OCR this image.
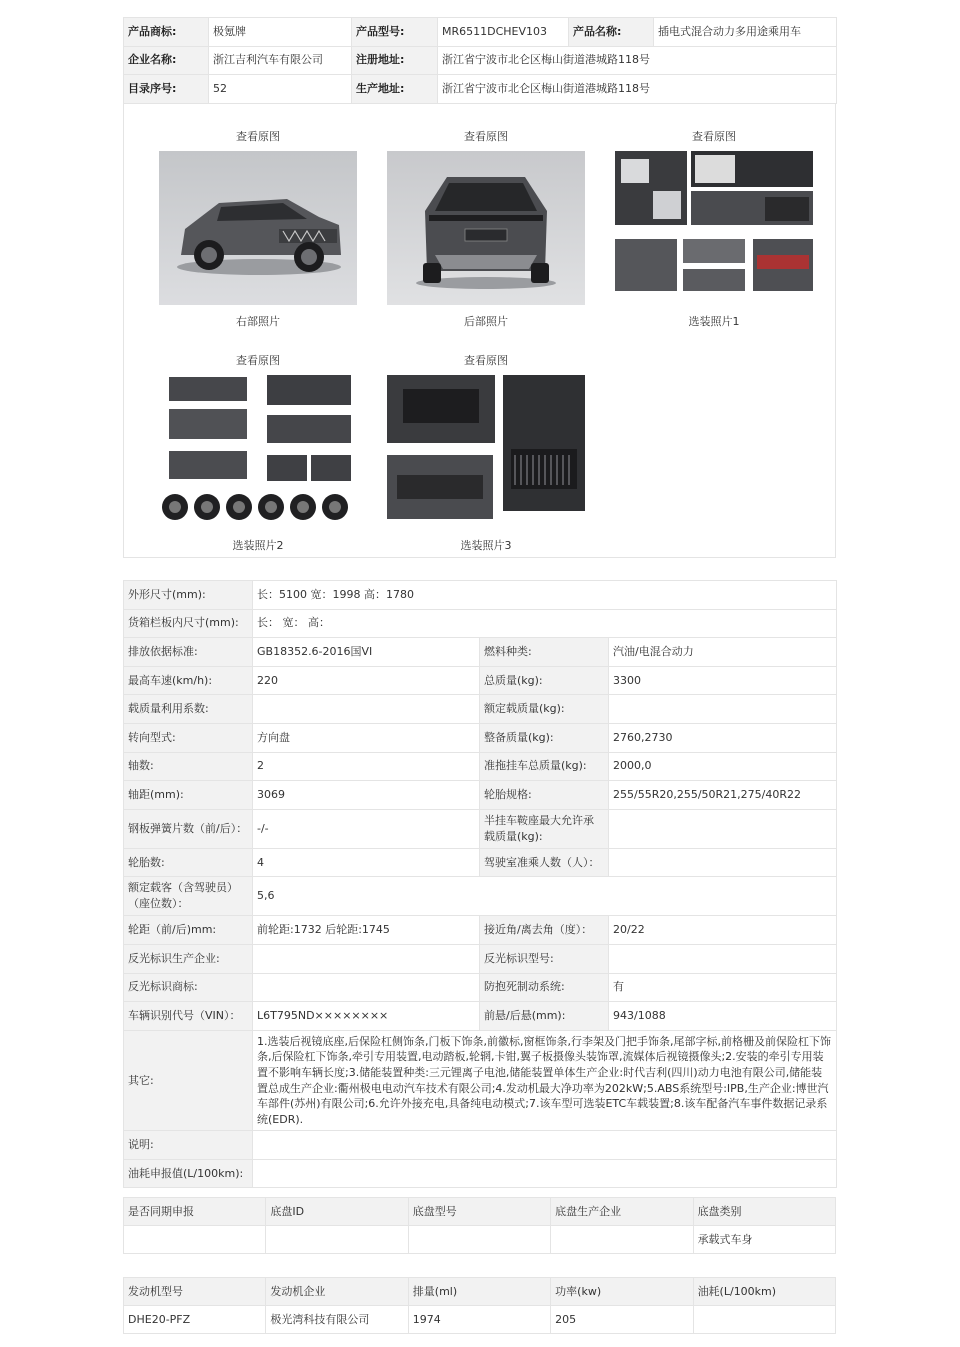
产品商标:	极氪牌	产品型号:	MR6511DCHEV103	产品名称:	插电式混合动力多用途乘用车
企业名称:	浙江吉利汽车有限公司	注册地址:	浙江省宁波市北仑区梅山街道港城路118号		
目录序号:	52	生产地址:	浙江省宁波市北仑区梅山街道港城路118号		
查看原图
右部照片
查看原图
后部照片
查看原图
选装照片1
查看原图
选装照片2
查看原图
选装照片3
外形尺寸(mm):	长：5100 宽：1998 高：1780		
货箱栏板内尺寸(mm):	长： 宽： 高：		
排放依据标准:	GB18352.6-2016国VI	燃料种类:	汽油/电混合动力
最高车速(km/h):	220	总质量(kg):	3300
载质量利用系数:		额定载质量(kg):	
转向型式:	方向盘	整备质量(kg):	2760,2730
轴数:	2	准拖挂车总质量(kg):	2000,0
轴距(mm):	3069	轮胎规格:	255/55R20,255/50R21,275/40R22
钢板弹簧片数（前/后）：	-/-	半挂车鞍座最大允许承载质量(kg):	
轮胎数:	4	驾驶室准乘人数（人）：	
额定载客（含驾驶员）（座位数）：	5,6		
轮距（前/后)mm:	前轮距:1732 后轮距:1745	接近角/离去角（度）：	20/22
反光标识生产企业:		反光标识型号:	
反光标识商标:		防抱死制动系统:	有
车辆识别代号（VIN）：	L6T795ND××××××××	前悬/后悬(mm):	943/1088
其它:	1.选装后视镜底座,后保险杠侧饰条,门板下饰条,前徽标,窗框饰条,行李架及门把手饰条,尾部字标,前格栅及前保险杠下饰条,后保险杠下饰条,牵引专用装置,电动踏板,轮辋,卡钳,翼子板摄像头装饰罩,流媒体后视镜摄像头;2.安装的牵引专用装置不影响车辆长度;3.储能装置种类:三元锂离子电池,储能装置单体生产企业:时代吉利(四川)动力电池有限公司,储能装置总成生产企业:衢州极电电动汽车技术有限公司;4.发动机最大净功率为202kW;5.ABS系统型号:IPB,生产企业:博世汽车部件(苏州)有限公司;6.允许外接充电,具备纯电动模式;7.该车型可选装ETC车载装置;8.该车配备汽车事件数据记录系统(EDR).		
说明:			
油耗申报值(L/100km):			
是否同期申报	底盘ID	底盘型号	底盘生产企业	底盘类别
				承载式车身
发动机型号	发动机企业	排量(ml)	功率(kw)	油耗(L/100km)
DHE20-PFZ	极光湾科技有限公司	1974	205	
